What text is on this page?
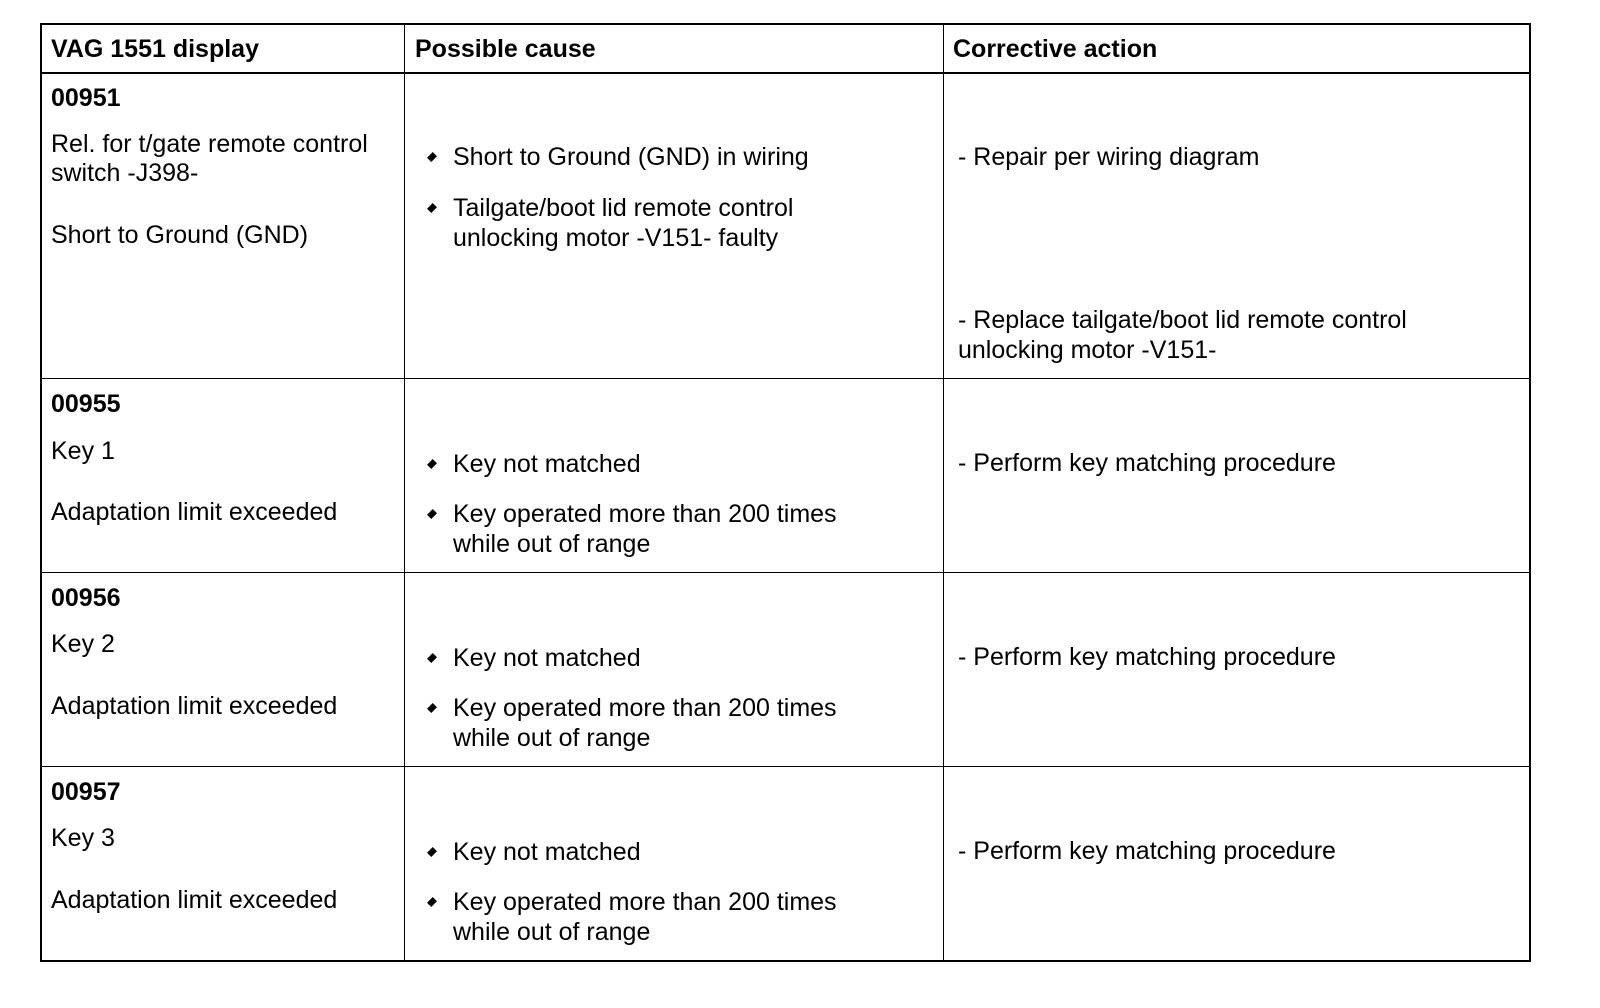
VAG 1551 display	Possible cause	Corrective action
00951
Rel. for t/gate remote control
switch -J398-
Short to Ground (GND)
Short to Ground (GND) in wiring
Tailgate/boot lid remote control
unlocking motor -V151- faulty
- Repair per wiring diagram
- Replace tailgate/boot lid remote control
unlocking motor -V151-
00955
Key 1
Adaptation limit exceeded
Key not matched
Key operated more than 200 times
while out of range
- Perform key matching procedure
00956
Key 2
Adaptation limit exceeded
Key not matched
Key operated more than 200 times
while out of range
- Perform key matching procedure
00957
Key 3
Adaptation limit exceeded
Key not matched
Key operated more than 200 times
while out of range
- Perform key matching procedure
